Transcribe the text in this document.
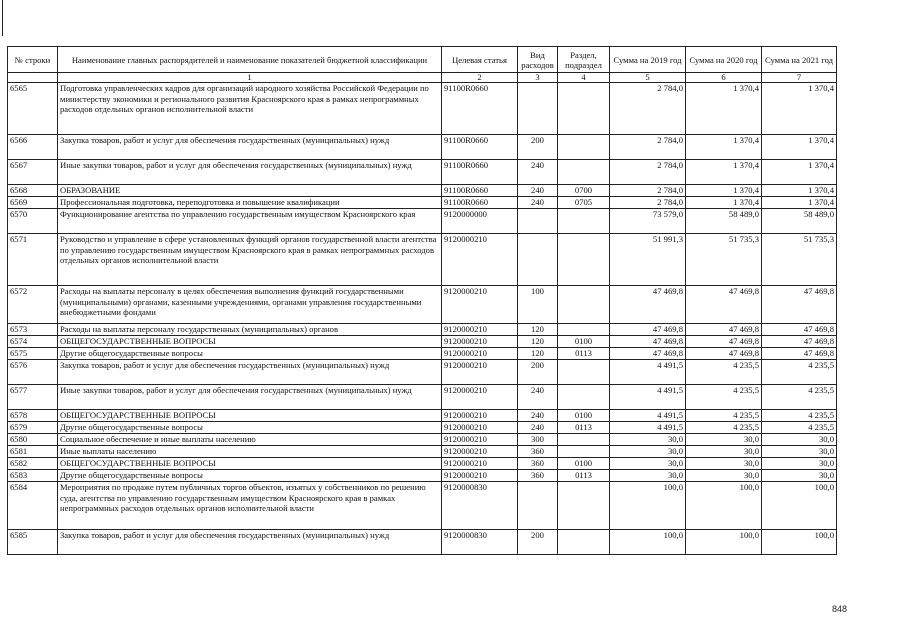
№ строки	Наименование главных распорядителей и наименование показателей бюджетной классификации	Целевая статья	Вид расходов	Раздел, подраздел	Сумма на 2019 год	Сумма на 2020 год	Сумма на 2021 год
	1	2	3	4	5	6	7
6565	Подготовка управленческих кадров для организаций народного хозяйства Российской Федерации по министерству экономики и регионального развития Красноярского края в рамках непрограммных расходов отдельных органов исполнительной власти	91100R0660			2 784,0	1 370,4	1 370,4
6566	Закупка товаров, работ и услуг для обеспечения государственных (муниципальных) нужд	91100R0660	200		2 784,0	1 370,4	1 370,4
6567	Иные закупки товаров, работ и услуг для обеспечения государственных (муниципальных) нужд	91100R0660	240		2 784,0	1 370,4	1 370,4
6568	ОБРАЗОВАНИЕ	91100R0660	240	0700	2 784,0	1 370,4	1 370,4
6569	Профессиональная подготовка, переподготовка и повышение квалификации	91100R0660	240	0705	2 784,0	1 370,4	1 370,4
6570	Функционирование агентства по управлению государственным имуществом Красноярского края	9120000000			73 579,0	58 489,0	58 489,0
6571	Руководство и управление в сфере установленных функций органов государственной власти агентства по управлению государственным имуществом Красноярского края в рамках непрограммных расходов отдельных органов исполнительной власти	9120000210			51 991,3	51 735,3	51 735,3
6572	Расходы на выплаты персоналу в целях обеспечения выполнения функций государственными (муниципальными) органами, казенными учреждениями, органами управления государственными внебюджетными фондами	9120000210	100		47 469,8	47 469,8	47 469,8
6573	Расходы на выплаты персоналу государственных (муниципальных) органов	9120000210	120		47 469,8	47 469,8	47 469,8
6574	ОБЩЕГОСУДАРСТВЕННЫЕ ВОПРОСЫ	9120000210	120	0100	47 469,8	47 469,8	47 469,8
6575	Другие общегосударственные вопросы	9120000210	120	0113	47 469,8	47 469,8	47 469,8
6576	Закупка товаров, работ и услуг для обеспечения государственных (муниципальных) нужд	9120000210	200		4 491,5	4 235,5	4 235,5
6577	Иные закупки товаров, работ и услуг для обеспечения государственных (муниципальных) нужд	9120000210	240		4 491,5	4 235,5	4 235,5
6578	ОБЩЕГОСУДАРСТВЕННЫЕ ВОПРОСЫ	9120000210	240	0100	4 491,5	4 235,5	4 235,5
6579	Другие общегосударственные вопросы	9120000210	240	0113	4 491,5	4 235,5	4 235,5
6580	Социальное обеспечение и иные выплаты населению	9120000210	300		30,0	30,0	30,0
6581	Иные выплаты населению	9120000210	360		30,0	30,0	30,0
6582	ОБЩЕГОСУДАРСТВЕННЫЕ ВОПРОСЫ	9120000210	360	0100	30,0	30,0	30,0
6583	Другие общегосударственные вопросы	9120000210	360	0113	30,0	30,0	30,0
6584	Мероприятия по продаже путем публичных торгов объектов, изъятых у собственников по решению суда, агентства по управлению государственным имуществом Красноярского края в рамках непрограммных расходов отдельных органов исполнительной власти	9120000830			100,0	100,0	100,0
6585	Закупка товаров, работ и услуг для обеспечения государственных (муниципальных) нужд	9120000830	200		100,0	100,0	100,0
848
